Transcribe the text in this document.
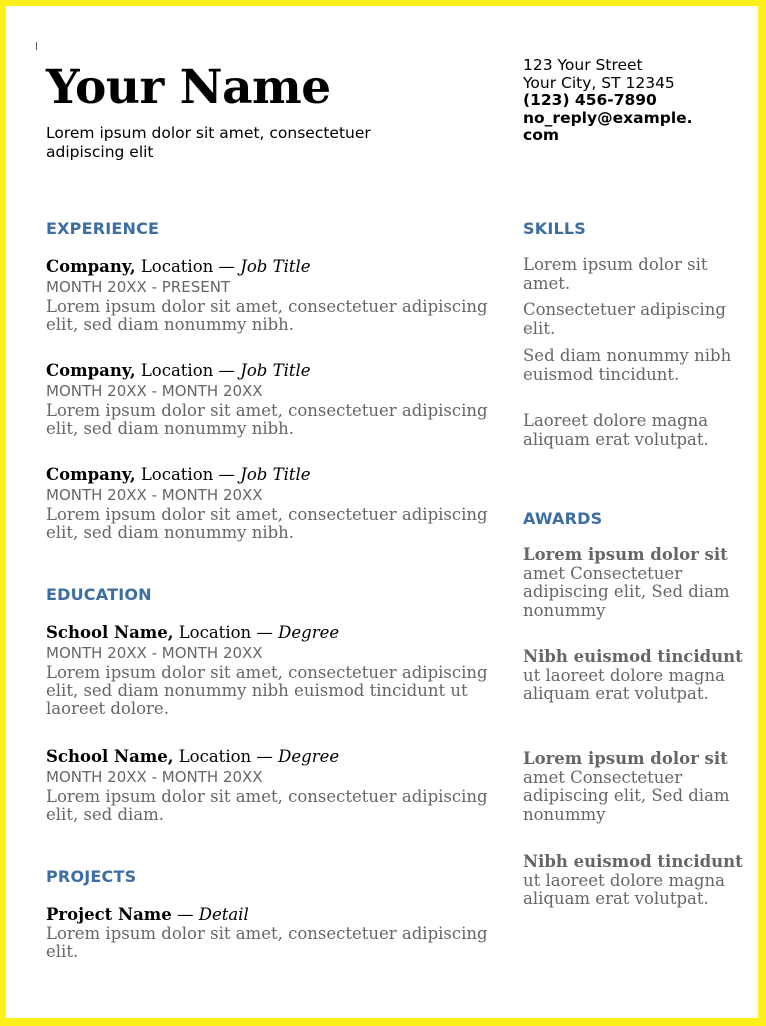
Your Name
Lorem ipsum dolor sit amet, consectetuer adipiscing elit
EXPERIENCE
Company, Location — Job Title
MONTH 20XX - PRESENT
Lorem ipsum dolor sit amet, consectetuer adipiscing elit, sed diam nonummy nibh.
Company, Location — Job Title
MONTH 20XX - MONTH 20XX
Lorem ipsum dolor sit amet, consectetuer adipiscing elit, sed diam nonummy nibh.
Company, Location — Job Title
MONTH 20XX - MONTH 20XX
Lorem ipsum dolor sit amet, consectetuer adipiscing elit, sed diam nonummy nibh.
EDUCATION
School Name, Location — Degree
MONTH 20XX - MONTH 20XX
Lorem ipsum dolor sit amet, consectetuer adipiscing elit, sed diam nonummy nibh euismod tincidunt ut laoreet dolore.
School Name, Location — Degree
MONTH 20XX - MONTH 20XX
Lorem ipsum dolor sit amet, consectetuer adipiscing elit, sed diam.
PROJECTS
Project Name — Detail
Lorem ipsum dolor sit amet, consectetuer adipiscing elit.
123 Your Street
Your City, ST 12345
(123) 456-7890
no_reply@example.
com
SKILLS
Lorem ipsum dolor sit amet.
Consectetuer adipiscing elit.
Sed diam nonummy nibh euismod tincidunt.
Laoreet dolore magna aliquam erat volutpat.
AWARDS
Lorem ipsum dolor sit amet Consectetuer adipiscing elit, Sed diam nonummy
Nibh euismod tincidunt ut laoreet dolore magna aliquam erat volutpat.
Lorem ipsum dolor sit amet Consectetuer adipiscing elit, Sed diam nonummy
Nibh euismod tincidunt ut laoreet dolore magna aliquam erat volutpat.
